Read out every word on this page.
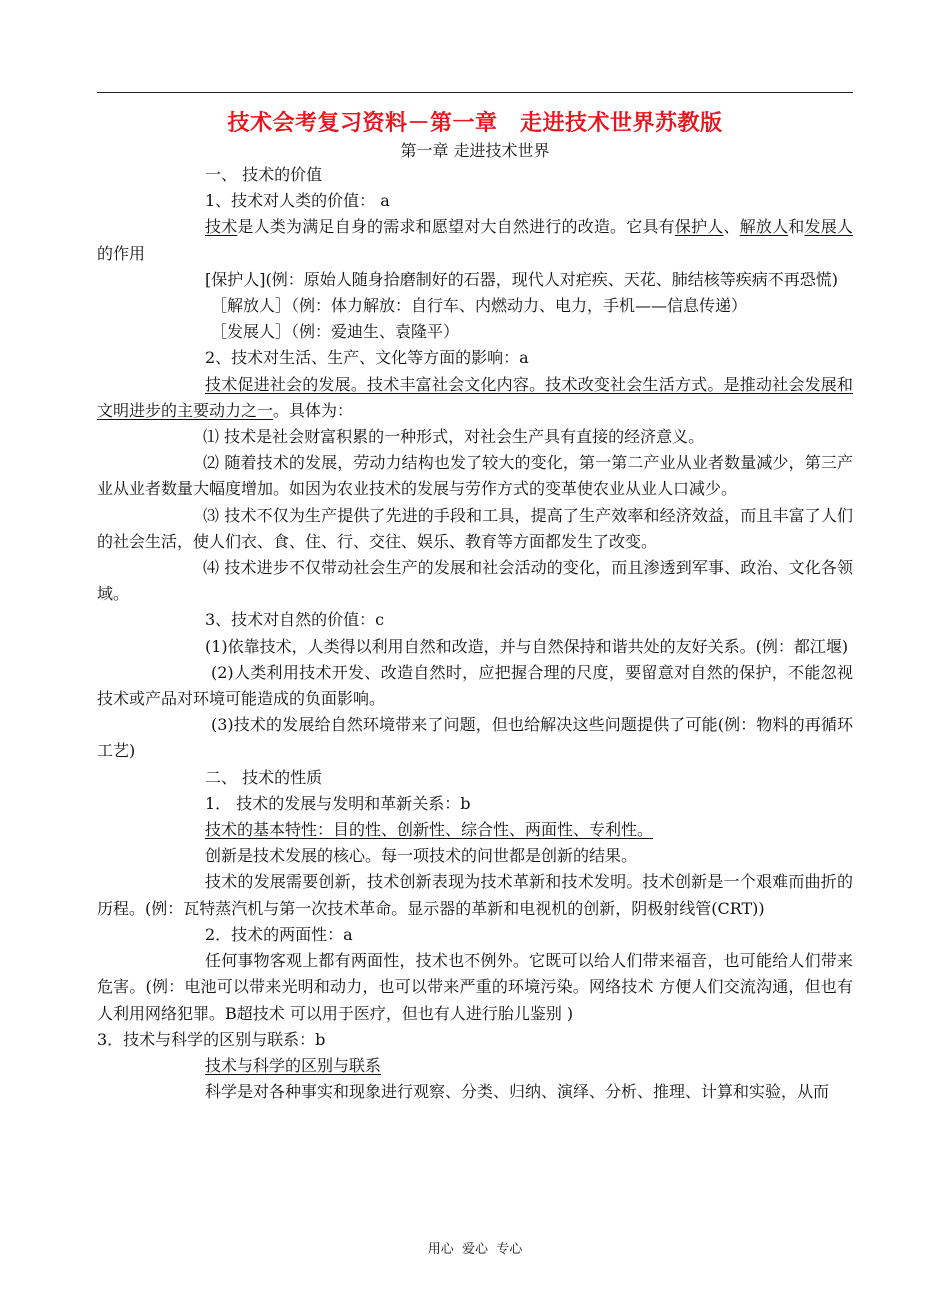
技术会考复习资料－第一章　走进技术世界苏教版
第一章 走进技术世界
一、 技术的价值
1、技术对人类的价值： a
技术是人类为满足自身的需求和愿望对大自然进行的改造。它具有保护人、解放人和发展人的作用
[保护人](例：原始人随身拾磨制好的石器，现代人对疟疾、天花、肺结核等疾病不再恐慌)
［解放人］（例：体力解放：自行车、内燃动力、电力，手机——信息传递）
［发展人］（例：爱迪生、袁隆平）
2、技术对生活、生产、文化等方面的影响：a
技术促进社会的发展。技术丰富社会文化内容。技术改变社会生活方式。是推动社会发展和文明进步的主要动力之一。具体为：
⑴ 技术是社会财富积累的一种形式，对社会生产具有直接的经济意义。
⑵ 随着技术的发展，劳动力结构也发了较大的变化，第一第二产业从业者数量减少，第三产业从业者数量大幅度增加。如因为农业技术的发展与劳作方式的变革使农业从业人口减少。
⑶ 技术不仅为生产提供了先进的手段和工具，提高了生产效率和经济效益，而且丰富了人们的社会生活，使人们衣、食、住、行、交往、娱乐、教育等方面都发生了改变。
⑷ 技术进步不仅带动社会生产的发展和社会活动的变化，而且渗透到军事、政治、文化各领域。
3、技术对自然的价值：c
(1)依靠技术，人类得以利用自然和改造，并与自然保持和谐共处的友好关系。(例：都江堰)
(2)人类利用技术开发、改造自然时，应把握合理的尺度，要留意对自然的保护，不能忽视技术或产品对环境可能造成的负面影响。
(3)技术的发展给自然环境带来了问题，但也给解决这些问题提供了可能(例：物料的再循环工艺)
二、 技术的性质
1． 技术的发展与发明和革新关系：b
技术的基本特性：目的性、创新性、综合性、两面性、专利性。
创新是技术发展的核心。每一项技术的问世都是创新的结果。
技术的发展需要创新，技术创新表现为技术革新和技术发明。技术创新是一个艰难而曲折的历程。(例：瓦特蒸汽机与第一次技术革命。显示器的革新和电视机的创新，阴极射线管(CRT))
2．技术的两面性：a
任何事物客观上都有两面性，技术也不例外。它既可以给人们带来福音，也可能给人们带来危害。(例：电池可以带来光明和动力，也可以带来严重的环境污染。网络技术 方便人们交流沟通，但也有人利用网络犯罪。B超技术 可以用于医疗，但也有人进行胎儿鉴别 )
3．技术与科学的区别与联系：b
技术与科学的区别与联系
科学是对各种事实和现象进行观察、分类、归纳、演绎、分析、推理、计算和实验，从而
用心  爱心  专心
